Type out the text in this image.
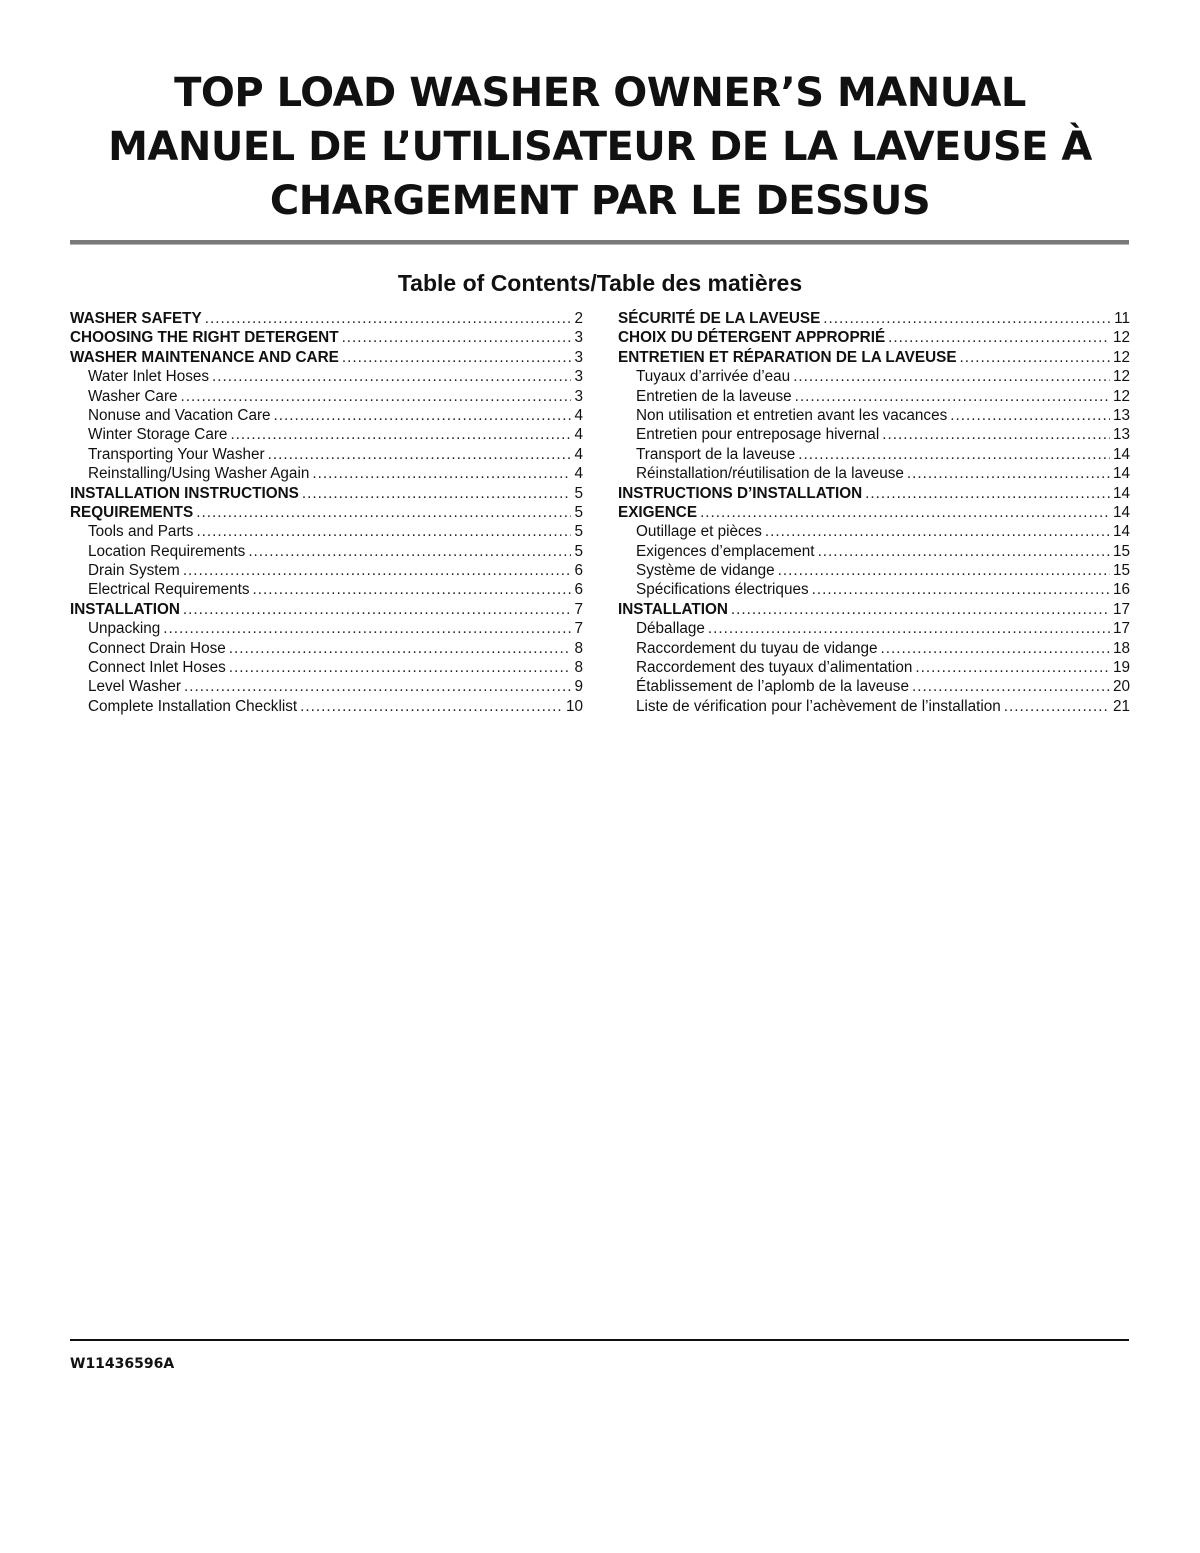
TOP LOAD WASHER OWNER’S MANUAL
MANUEL DE L’UTILISATEUR DE LA LAVEUSE À
CHARGEMENT PAR LE DESSUS
Table of Contents/Table des matières
WASHER SAFETY .....	2
CHOOSING THE RIGHT DETERGENT .....	3
WASHER MAINTENANCE AND CARE .....	3
Water Inlet Hoses .....	3
Washer Care .....	3
Nonuse and Vacation Care .....	4
Winter Storage Care .....	4
Transporting Your Washer .....	4
Reinstalling/Using Washer Again .....	4
INSTALLATION INSTRUCTIONS .....	5
REQUIREMENTS .....	5
Tools and Parts .....	5
Location Requirements .....	5
Drain System .....	6
Electrical Requirements .....	6
INSTALLATION .....	7
Unpacking .....	7
Connect Drain Hose .....	8
Connect Inlet Hoses .....	8
Level Washer .....	9
Complete Installation Checklist .....	10
SÉCURITÉ DE LA LAVEUSE .....	11
CHOIX DU DÉTERGENT APPROPRIÉ .....	12
ENTRETIEN ET RÉPARATION DE LA LAVEUSE .....	12
Tuyaux d’arrivée d’eau .....	12
Entretien de la laveuse .....	12
Non utilisation et entretien avant les vacances .....	13
Entretien pour entreposage hivernal .....	13
Transport de la laveuse .....	14
Réinstallation/réutilisation de la laveuse .....	14
INSTRUCTIONS D’INSTALLATION .....	14
EXIGENCE .....	14
Outillage et pièces .....	14
Exigences d’emplacement .....	15
Système de vidange .....	15
Spécifications électriques .....	16
INSTALLATION .....	17
Déballage .....	17
Raccordement du tuyau de vidange .....	18
Raccordement des tuyaux d’alimentation .....	19
Établissement de l’aplomb de la laveuse .....	20
Liste de vérification pour l’achèvement de l’installation .....	21
W11436596A
